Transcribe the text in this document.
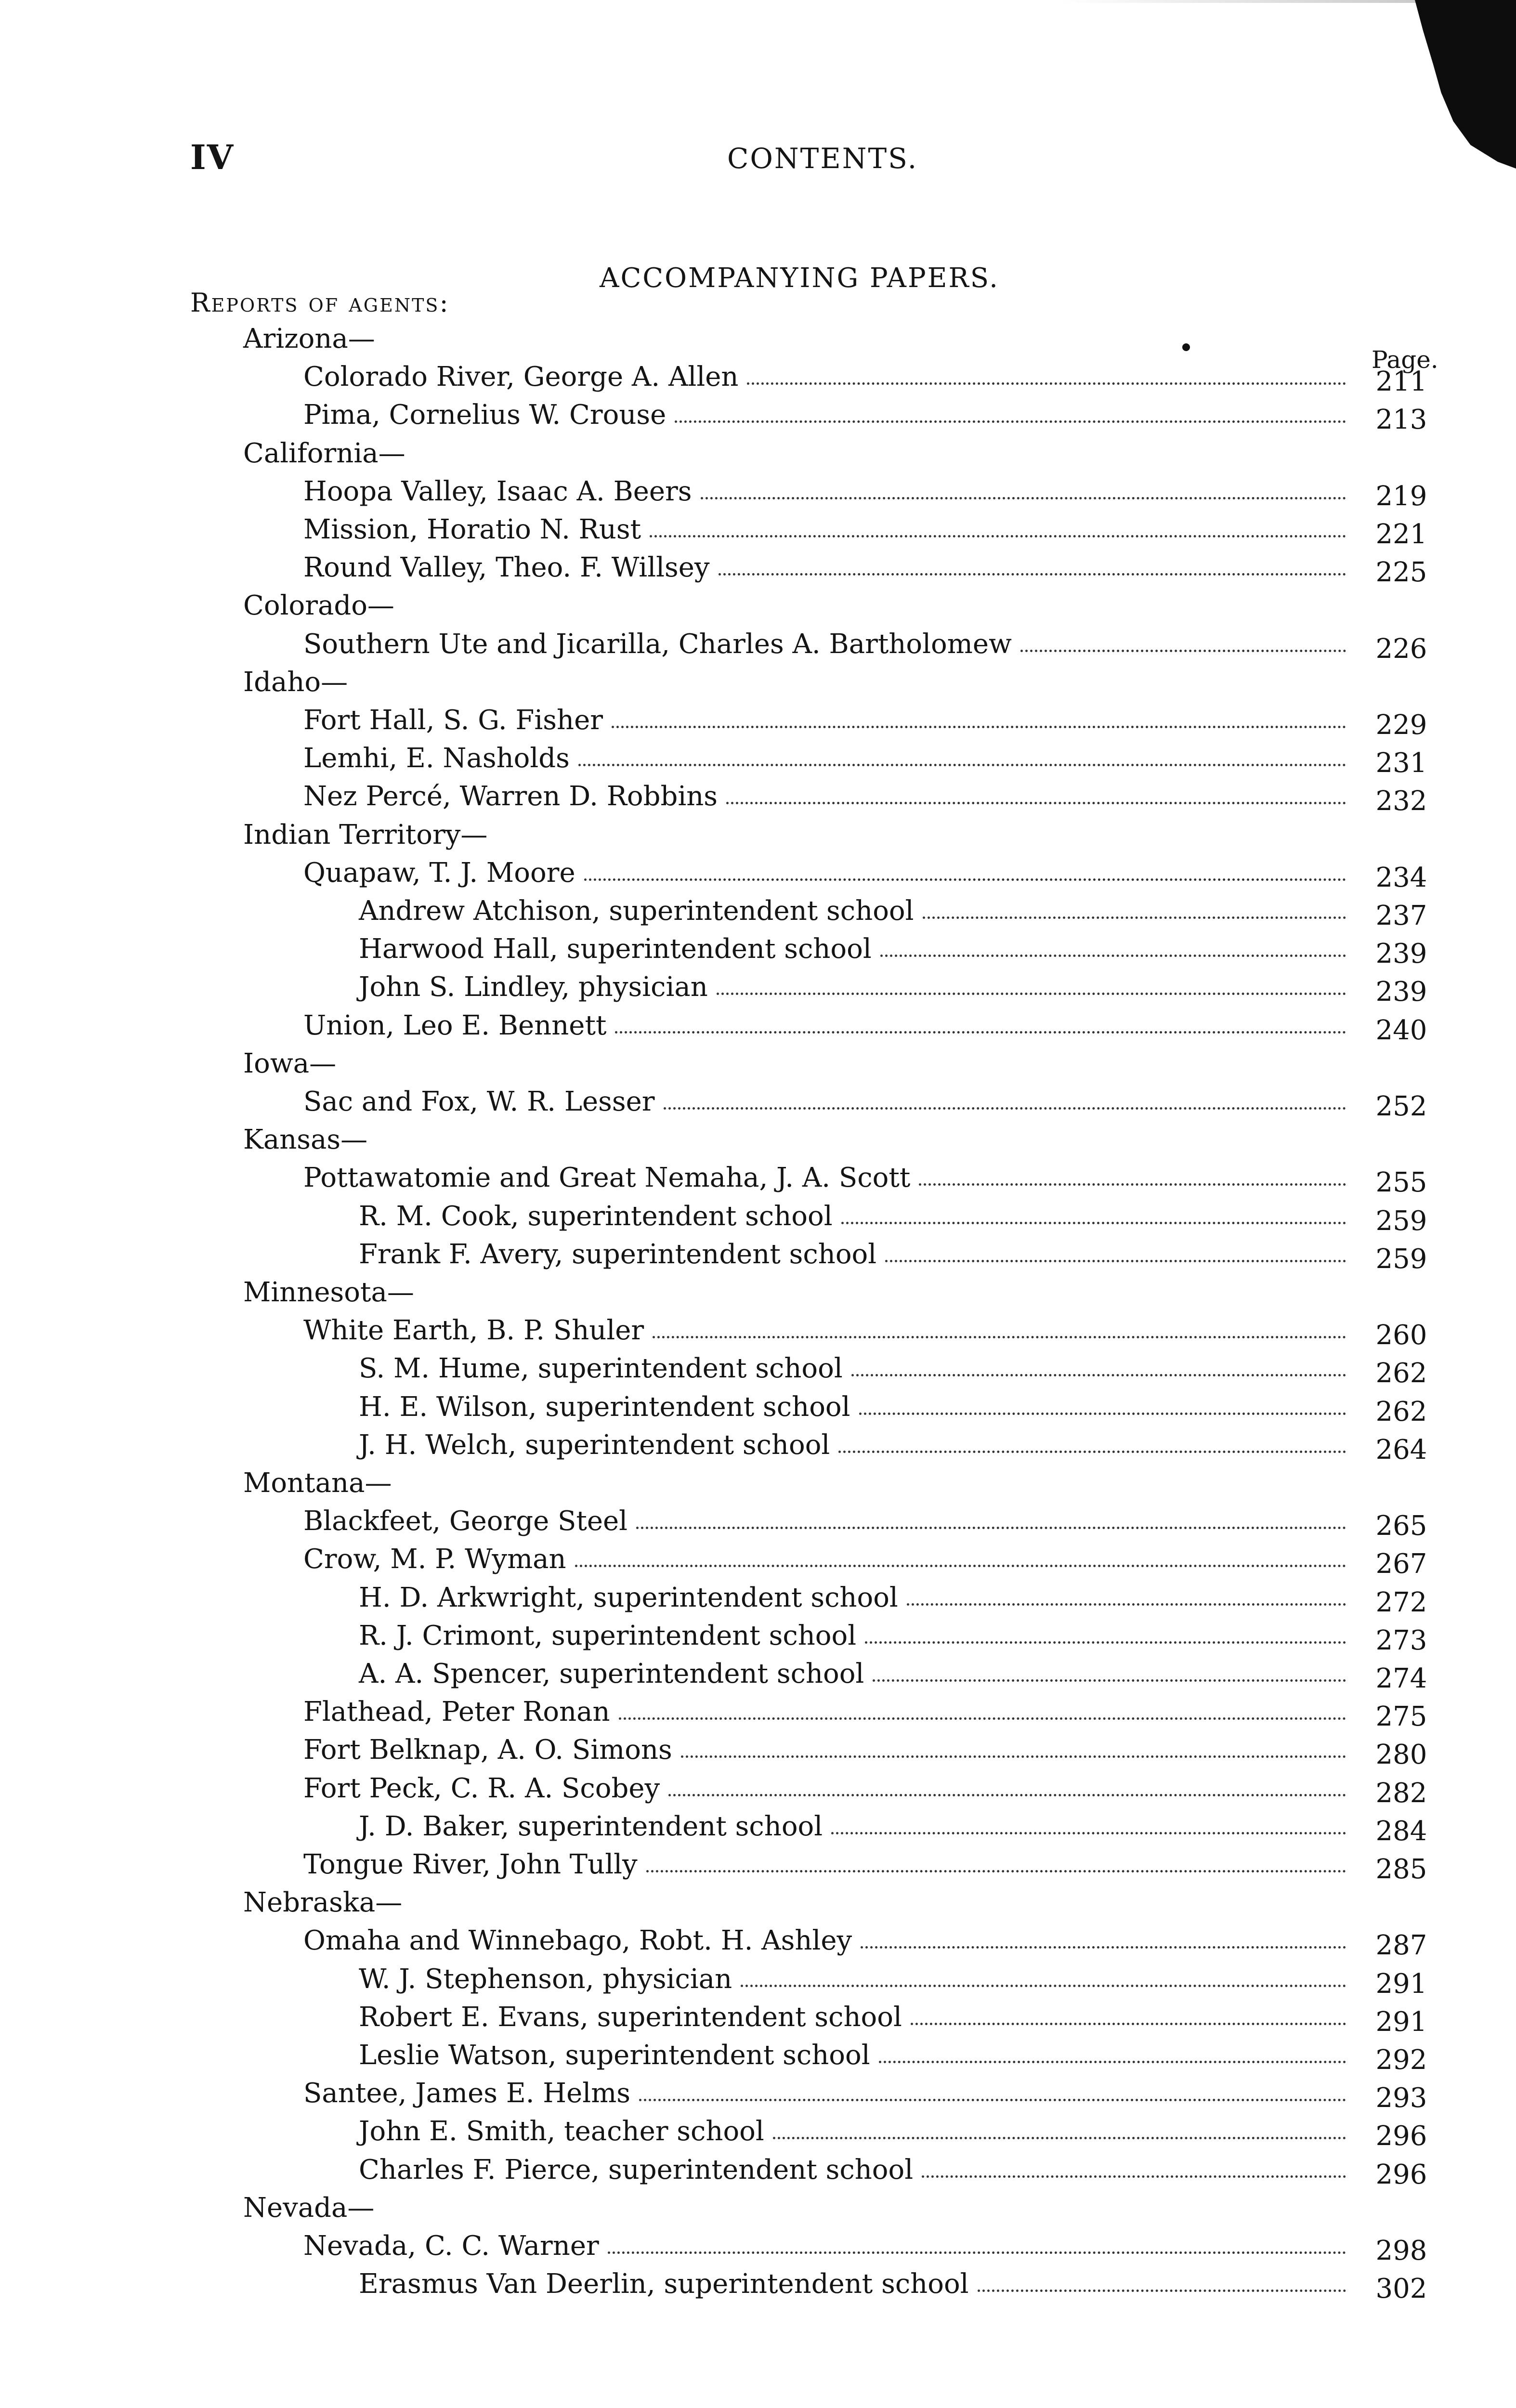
IV	CONTENTS.
ACCOMPANYING PAPERS.
Reports of agents:
Page.
Arizona—
Colorado River, George A. Allen	211
Pima, Cornelius W. Crouse	213
California—
Hoopa Valley, Isaac A. Beers	219
Mission, Horatio N. Rust	221
Round Valley, Theo. F. Willsey	225
Colorado—
Southern Ute and Jicarilla, Charles A. Bartholomew	226
Idaho—
Fort Hall, S. G. Fisher	229
Lemhi, E. Nasholds	231
Nez Percé, Warren D. Robbins	232
Indian Territory—
Quapaw, T. J. Moore	234
Andrew Atchison, superintendent school	237
Harwood Hall, superintendent school	239
John S. Lindley, physician	239
Union, Leo E. Bennett	240
Iowa—
Sac and Fox, W. R. Lesser	252
Kansas—
Pottawatomie and Great Nemaha, J. A. Scott	255
R. M. Cook, superintendent school	259
Frank F. Avery, superintendent school	259
Minnesota—
White Earth, B. P. Shuler	260
S. M. Hume, superintendent school	262
H. E. Wilson, superintendent school	262
J. H. Welch, superintendent school	264
Montana—
Blackfeet, George Steel	265
Crow, M. P. Wyman	267
H. D. Arkwright, superintendent school	272
R. J. Crimont, superintendent school	273
A. A. Spencer, superintendent school	274
Flathead, Peter Ronan	275
Fort Belknap, A. O. Simons	280
Fort Peck, C. R. A. Scobey	282
J. D. Baker, superintendent school	284
Tongue River, John Tully	285
Nebraska—
Omaha and Winnebago, Robt. H. Ashley	287
W. J. Stephenson, physician	291
Robert E. Evans, superintendent school	291
Leslie Watson, superintendent school	292
Santee, James E. Helms	293
John E. Smith, teacher school	296
Charles F. Pierce, superintendent school	296
Nevada—
Nevada, C. C. Warner	298
Erasmus Van Deerlin, superintendent school	302
